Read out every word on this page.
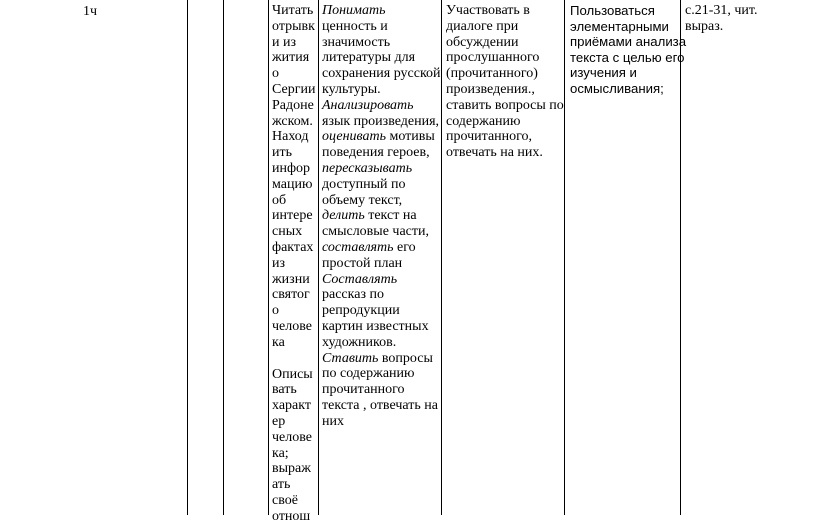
1ч	Читать
отрывк
и из
жития
о
Сергии
Радоне
жском.
Наход
ить
инфор
мацию
об
интере
сных
фактах
из
жизни
святог
о
челове
ка
Описы
вать
характ
ер
челове
ка;
выраж
ать
своё
отнош
Понимать
ценность и
значимость
литературы для
сохранения русской
культуры.
Анализировать
язык произведения,
оценивать мотивы
поведения героев,
пересказывать
доступный по
объему текст,
делить текст на
смысловые части,
составлять его
простой план
Составлять
рассказ по
репродукции
картин известных
художников.
Ставить вопросы
по содержанию
прочитанного
текста , отвечать на
них
Участвовать в
диалоге при
обсуждении
прослушанного
(прочитанного)
произведения.,
ставить вопросы по
содержанию
прочитанного,
отвечать на них.
Пользоваться
элементарными
приёмами анализа
текста с целью его
изучения и
осмысливания;
с.21-31, чит.
выраз.
